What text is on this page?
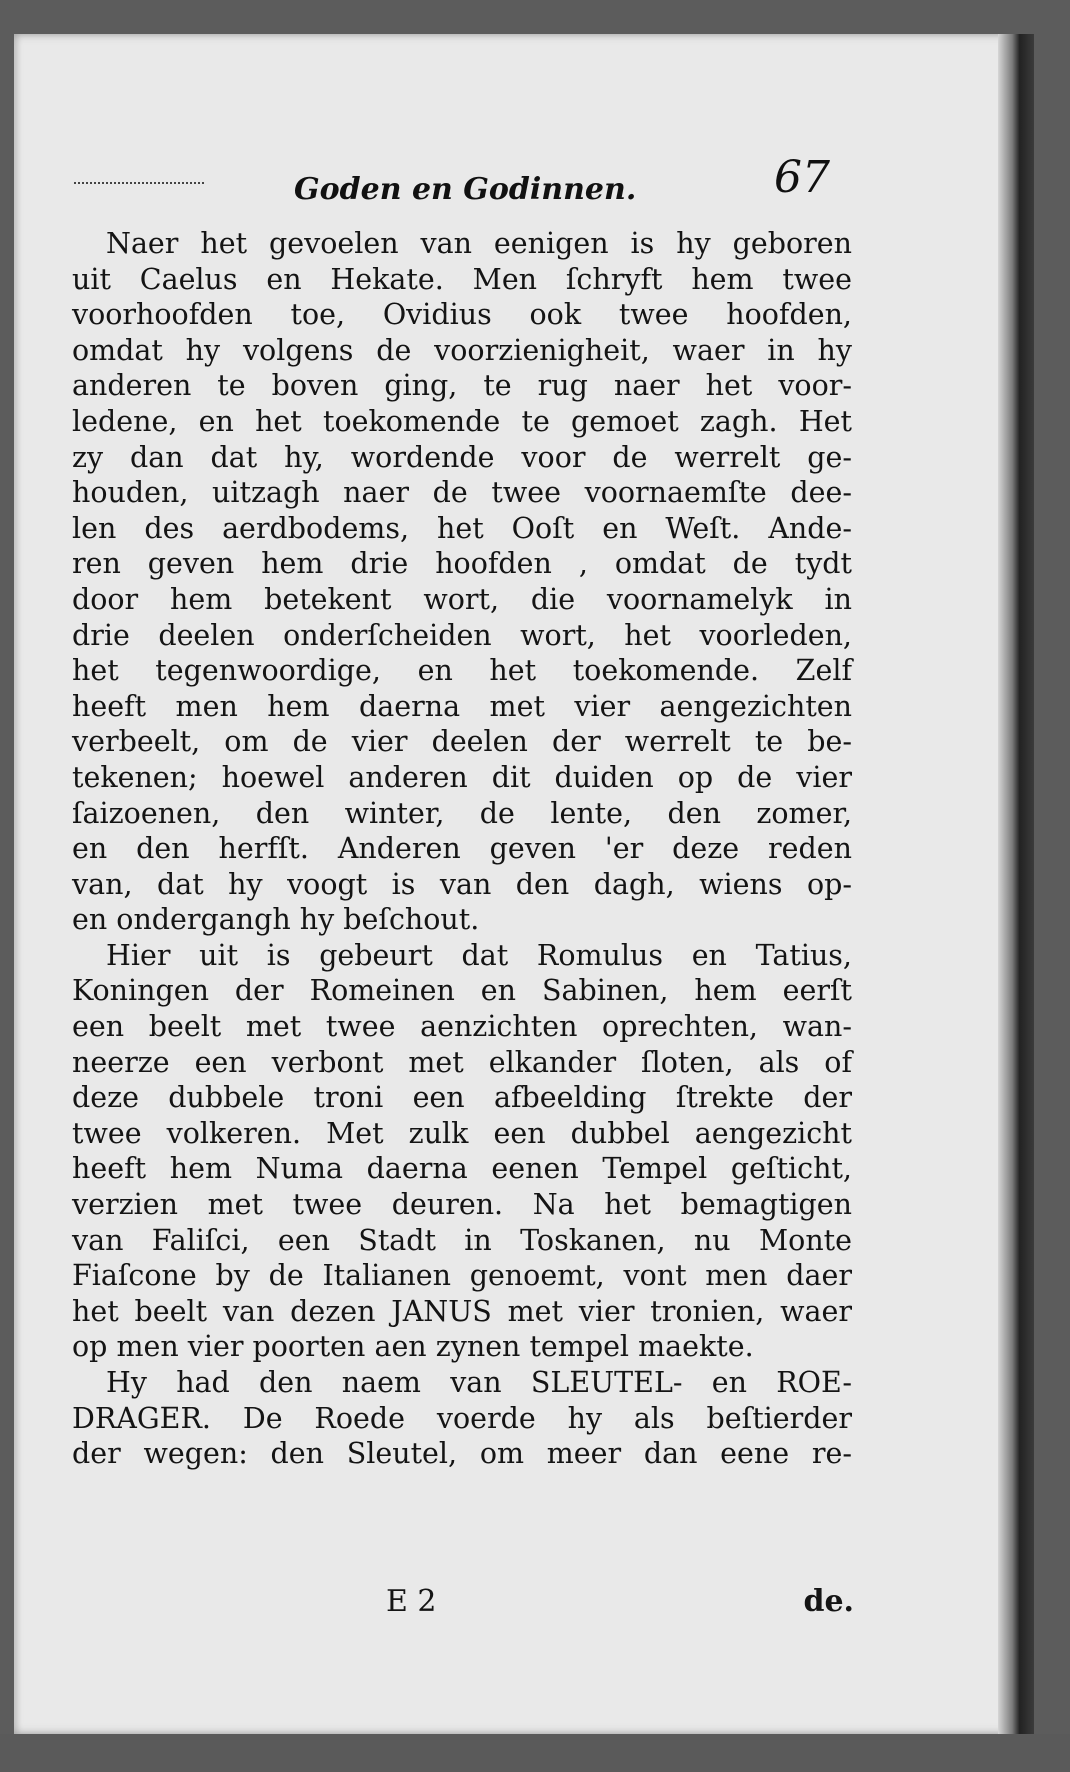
Goden en Godinnen.	67
Naer het gevoelen van eenigen is hy geboren
uit Caelus en Hekate. Men ſchryft hem twee
voorhoofden toe, Ovidius ook twee hoofden,
omdat hy volgens de voorzienigheit, waer in hy
anderen te boven ging, te rug naer het voor-
ledene, en het toekomende te gemoet zagh. Het
zy dan dat hy, wordende voor de werrelt ge-
houden, uitzagh naer de twee voornaemſte dee-
len des aerdbodems, het Ooſt en Weſt. Ande-
ren geven hem drie hoofden , omdat de tydt
door hem betekent wort, die voornamelyk in
drie deelen onderſcheiden wort, het voorleden,
het tegenwoordige, en het toekomende. Zelf
heeft men hem daerna met vier aengezichten
verbeelt, om de vier deelen der werrelt te be-
tekenen; hoewel anderen dit duiden op de vier
ſaizoenen, den winter, de lente, den zomer,
en den herfſt. Anderen geven 'er deze reden
van, dat hy voogt is van den dagh, wiens op-
en ondergangh hy beſchout.
Hier uit is gebeurt dat Romulus en Tatius,
Koningen der Romeinen en Sabinen, hem eerſt
een beelt met twee aenzichten oprechten, wan-
neerze een verbont met elkander ſloten, als of
deze dubbele troni een afbeelding ſtrekte der
twee volkeren. Met zulk een dubbel aengezicht
heeft hem Numa daerna eenen Tempel geſticht,
verzien met twee deuren. Na het bemagtigen
van Faliſci, een Stadt in Toskanen, nu Monte
Fiaſcone by de Italianen genoemt, vont men daer
het beelt van dezen JANUS met vier tronien, waer
op men vier poorten aen zynen tempel maekte.
Hy had den naem van SLEUTEL- en ROE-
DRAGER. De Roede voerde hy als beſtierder
der wegen: den Sleutel, om meer dan eene re-
E 2	de.
